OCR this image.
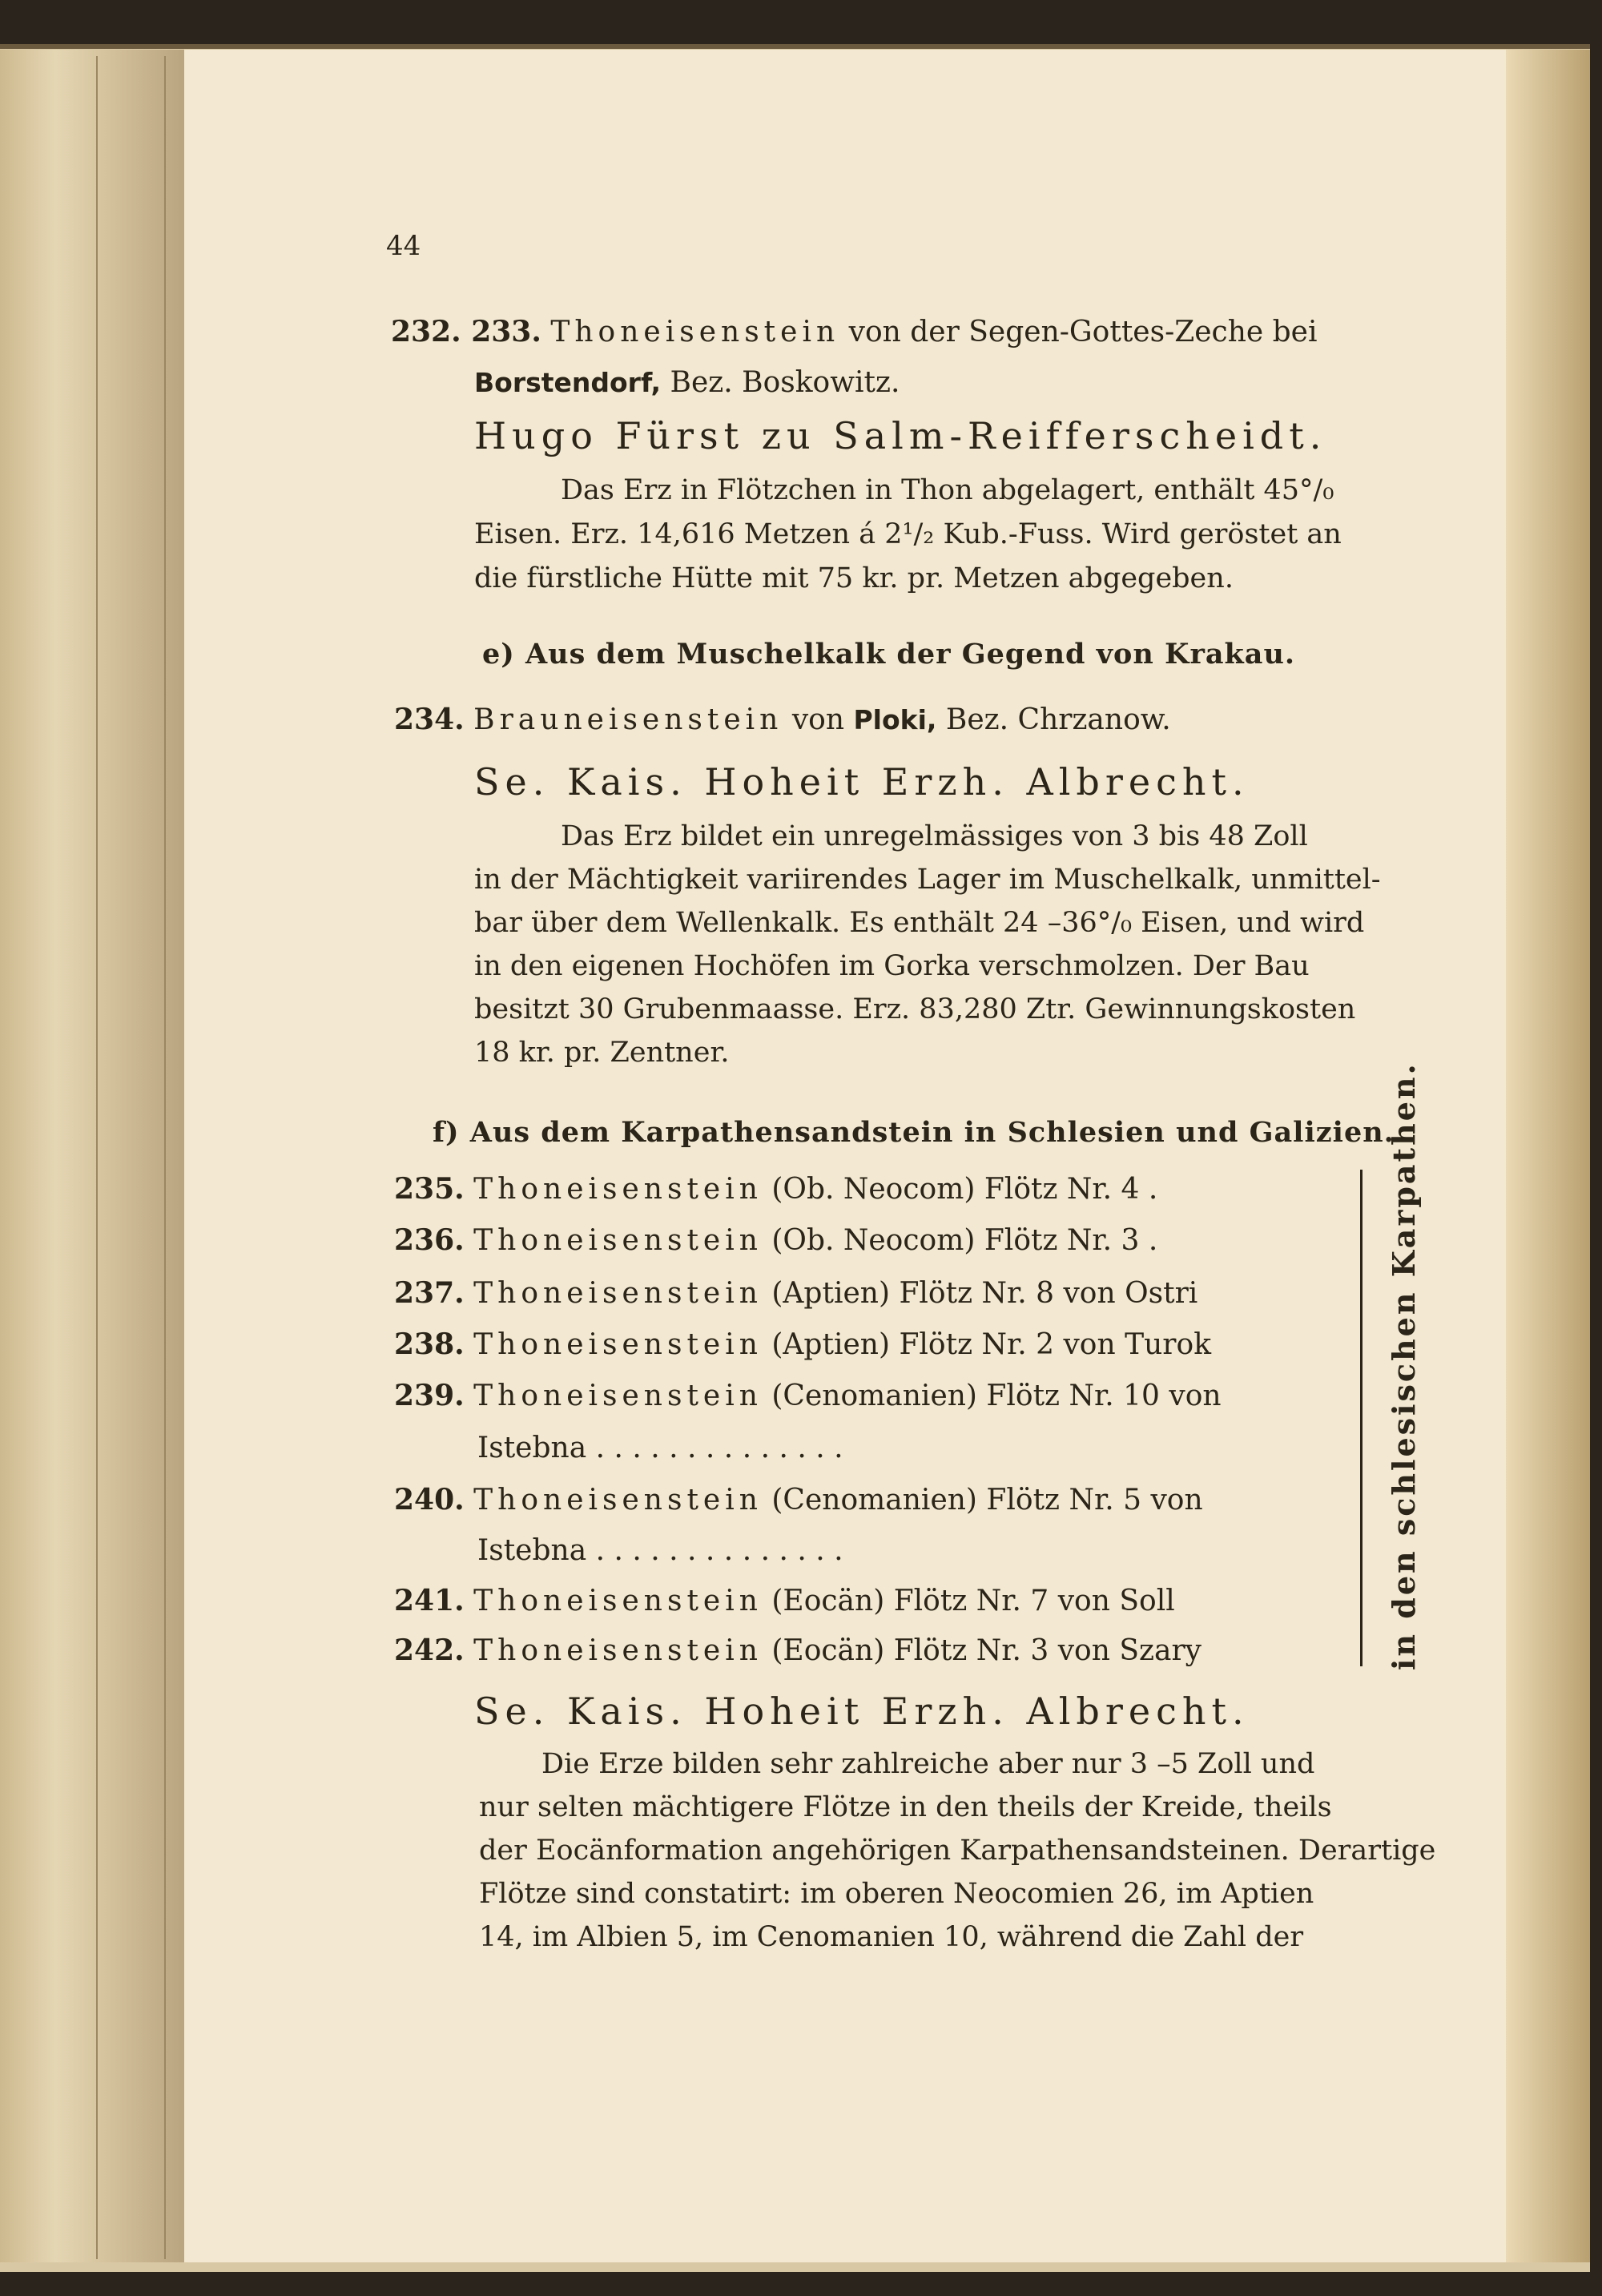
44
232. 233. Thoneisenstein von der Segen-Gottes-Zeche bei
Borstendorf, Bez. Boskowitz.
Hugo Fürst zu Salm-Reifferscheidt.
Das Erz in Flötzchen in Thon abgelagert, enthält 45°/₀
Eisen. Erz. 14,616 Metzen á 2¹/₂ Kub.-Fuss. Wird geröstet an
die fürstliche Hütte mit 75 kr. pr. Metzen abgegeben.
e) Aus dem Muschelkalk der Gegend von Krakau.
234. Brauneisenstein von Ploki, Bez. Chrzanow.
Se. Kais. Hoheit Erzh. Albrecht.
Das Erz bildet ein unregelmässiges von 3 bis 48 Zoll
in der Mächtigkeit variirendes Lager im Muschelkalk, unmittel-
bar über dem Wellenkalk. Es enthält 24 –36°/₀ Eisen, und wird
in den eigenen Hochöfen im Gorka verschmolzen. Der Bau
besitzt 30 Grubenmaasse. Erz. 83,280 Ztr. Gewinnungskosten
18 kr. pr. Zentner.
f) Aus dem Karpathensandstein in Schlesien und Galizien.
235. Thoneisenstein (Ob. Neocom) Flötz Nr. 4 .
236. Thoneisenstein (Ob. Neocom) Flötz Nr. 3 .
237. Thoneisenstein (Aptien) Flötz Nr. 8 von Ostri
238. Thoneisenstein (Aptien) Flötz Nr. 2 von Turok
239. Thoneisenstein (Cenomanien) Flötz Nr. 10 von
Istebna . . . . . . . . . . . . . .
240. Thoneisenstein (Cenomanien) Flötz Nr. 5 von
Istebna . . . . . . . . . . . . . .
241. Thoneisenstein (Eocän) Flötz Nr. 7 von Soll
242. Thoneisenstein (Eocän) Flötz Nr. 3 von Szary	in den schlesischen Karpathen.
Se. Kais. Hoheit Erzh. Albrecht.
Die Erze bilden sehr zahlreiche aber nur 3 –5 Zoll und
nur selten mächtigere Flötze in den theils der Kreide, theils
der Eocänformation angehörigen Karpathensandsteinen. Derartige
Flötze sind constatirt: im oberen Neocomien 26, im Aptien
14, im Albien 5, im Cenomanien 10, während die Zahl der
